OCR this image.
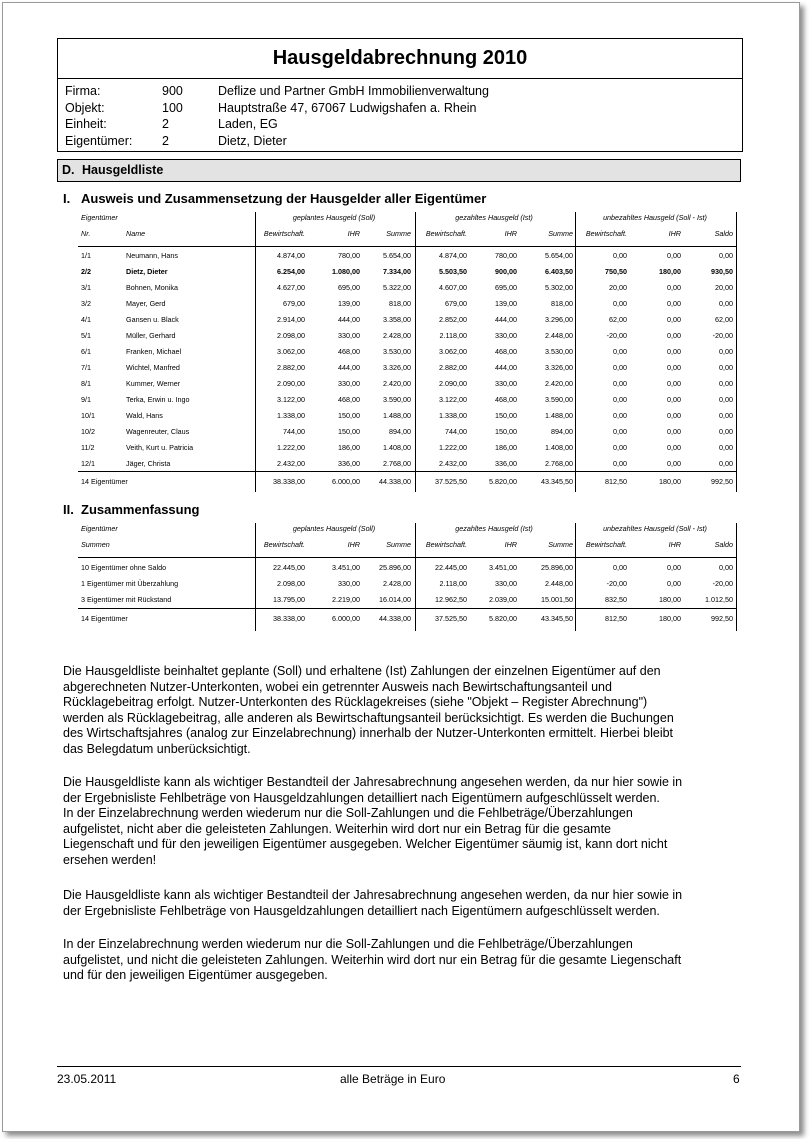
Hausgeldabrechnung 2010
Firma:	900	Deflize und Partner GmbH Immobilienverwaltung
Objekt:	100	Hauptstraße 47, 67067 Ludwigshafen a. Rhein
Einheit:	2	Laden, EG
Eigentümer: 2	Dietz, Dieter
D. Hausgeldliste
I. Ausweis und Zusammensetzung der Hausgelder aller Eigentümer
Eigentümer	geplantes Hausgeld (Soll)	gezahltes Hausgeld (Ist)	unbezahltes Hausgeld (Soll - Ist)
Nr.	Name	Bewirtschaft.	IHR	Summe	Bewirtschaft.	IHR	Summe	Bewirtschaft.	IHR	Saldo
1/1	Neumann, Hans	4.874,00	780,00	5.654,00	4.874,00	780,00	5.654,00	0,00	0,00	0,00
2/2	Dietz, Dieter	6.254,00	1.080,00	7.334,00	5.503,50	900,00	6.403,50	750,50	180,00	930,50
3/1	Bohnen, Monika	4.627,00	695,00	5.322,00	4.607,00	695,00	5.302,00	20,00	0,00	20,00
3/2	Mayer, Gerd	679,00	139,00	818,00	679,00	139,00	818,00	0,00	0,00	0,00
4/1	Gansen u. Black	2.914,00	444,00	3.358,00	2.852,00	444,00	3.296,00	62,00	0,00	62,00
5/1	Müller, Gerhard	2.098,00	330,00	2.428,00	2.118,00	330,00	2.448,00	-20,00	0,00	-20,00
6/1	Franken, Michael	3.062,00	468,00	3.530,00	3.062,00	468,00	3.530,00	0,00	0,00	0,00
7/1	Wichtel, Manfred	2.882,00	444,00	3.326,00	2.882,00	444,00	3.326,00	0,00	0,00	0,00
8/1	Kummer, Werner	2.090,00	330,00	2.420,00	2.090,00	330,00	2.420,00	0,00	0,00	0,00
9/1	Terka, Erwin u. Ingo	3.122,00	468,00	3.590,00	3.122,00	468,00	3.590,00	0,00	0,00	0,00
10/1	Wald, Hans	1.338,00	150,00	1.488,00	1.338,00	150,00	1.488,00	0,00	0,00	0,00
10/2	Wagenreuter, Claus	744,00	150,00	894,00	744,00	150,00	894,00	0,00	0,00	0,00
11/2	Veith, Kurt u. Patricia	1.222,00	186,00	1.408,00	1.222,00	186,00	1.408,00	0,00	0,00	0,00
12/1	Jäger, Christa	2.432,00	336,00	2.768,00	2.432,00	336,00	2.768,00	0,00	0,00	0,00
14 Eigentümer	38.338,00	6.000,00	44.338,00	37.525,50	5.820,00	43.345,50	812,50	180,00	992,50
II. Zusammenfassung
Eigentümer	geplantes Hausgeld (Soll)	gezahltes Hausgeld (Ist)	unbezahltes Hausgeld (Soll - Ist)
Summen	Bewirtschaft.	IHR	Summe	Bewirtschaft.	IHR	Summe	Bewirtschaft.	IHR	Saldo
10 Eigentümer ohne Saldo	22.445,00	3.451,00	25.896,00	22.445,00	3.451,00	25.896,00	0,00	0,00	0,00
1 Eigentümer mit Überzahlung	2.098,00	330,00	2.428,00	2.118,00	330,00	2.448,00	-20,00	0,00	-20,00
3 Eigentümer mit Rückstand	13.795,00	2.219,00	16.014,00	12.962,50	2.039,00	15.001,50	832,50	180,00	1.012,50
14 Eigentümer	38.338,00	6.000,00	44.338,00	37.525,50	5.820,00	43.345,50	812,50	180,00	992,50

Die Hausgeldliste beinhaltet geplante (Soll) und erhaltene (Ist) Zahlungen der einzelnen Eigentümer auf den
abgerechneten Nutzer-Unterkonten, wobei ein getrennter Ausweis nach Bewirtschaftungsanteil und
Rücklagebeitrag erfolgt. Nutzer-Unterkonten des Rücklagekreises (siehe "Objekt – Register Abrechnung")
werden als Rücklagebeitrag, alle anderen als Bewirtschaftungsanteil berücksichtigt. Es werden die Buchungen
des Wirtschaftsjahres (analog zur Einzelabrechnung) innerhalb der Nutzer-Unterkonten ermittelt. Hierbei bleibt
das Belegdatum unberücksichtigt.

Die Hausgeldliste kann als wichtiger Bestandteil der Jahresabrechnung angesehen werden, da nur hier sowie in
der Ergebnisliste Fehlbeträge von Hausgeldzahlungen detailliert nach Eigentümern aufgeschlüsselt werden.
In der Einzelabrechnung werden wiederum nur die Soll-Zahlungen und die Fehlbeträge/Überzahlungen
aufgelistet, nicht aber die geleisteten Zahlungen. Weiterhin wird dort nur ein Betrag für die gesamte
Liegenschaft und für den jeweiligen Eigentümer ausgegeben. Welcher Eigentümer säumig ist, kann dort nicht
ersehen werden!

Die Hausgeldliste kann als wichtiger Bestandteil der Jahresabrechnung angesehen werden, da nur hier sowie in
der Ergebnisliste Fehlbeträge von Hausgeldzahlungen detailliert nach Eigentümern aufgeschlüsselt werden.

In der Einzelabrechnung werden wiederum nur die Soll-Zahlungen und die Fehlbeträge/Überzahlungen
aufgelistet, und nicht die geleisteten Zahlungen. Weiterhin wird dort nur ein Betrag für die gesamte Liegenschaft
und für den jeweiligen Eigentümer ausgegeben.

23.05.2011	alle Beträge in Euro	6
